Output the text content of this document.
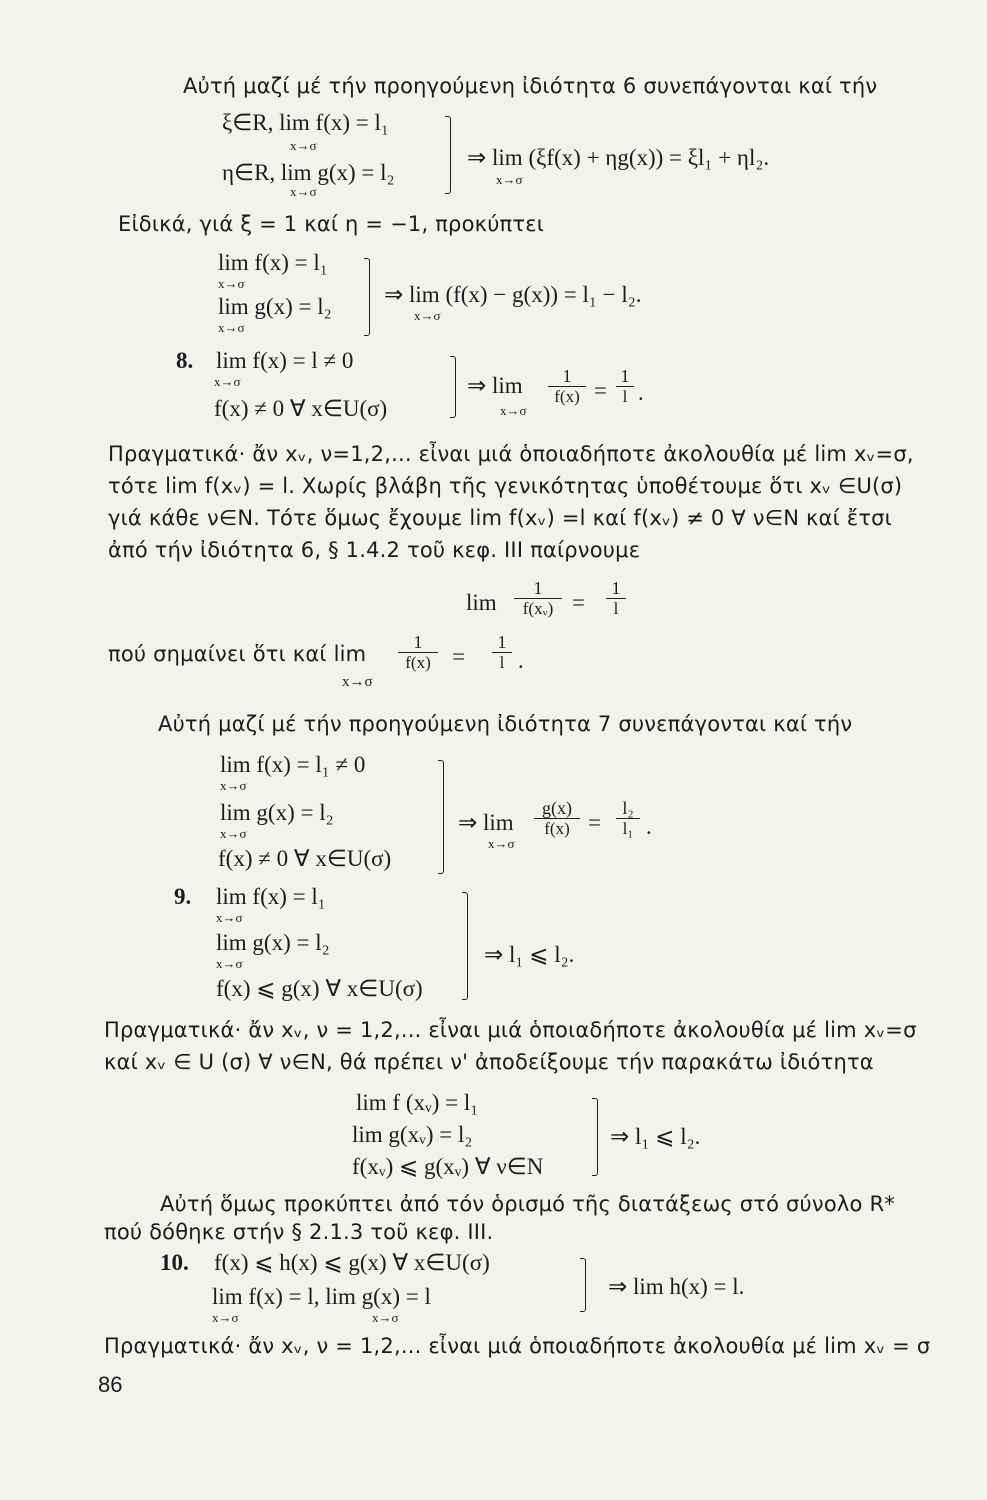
Αὐτή μαζί μέ τήν προηγούμενη ἰδιότητα 6 συνεπάγονται καί τήν
ξ∈R, lim f(x) = l₁
x→σ
η∈R, lim g(x) = l₂
x→σ
⇒ lim (ξf(x) + ηg(x)) = ξl₁ + ηl₂.
x→σ
Εἰδικά, γιά ξ = 1 καί η = −1, προκύπτει
lim f(x) = l₁
x→σ
lim g(x) = l₂
x→σ
⇒ lim (f(x) − g(x)) = l₁ − l₂.
x→σ
8. lim f(x) = l ≠ 0
x→σ
f(x) ≠ 0 ∀ x∈U(σ)
⇒ lim
x→σ
$\frac{1}{f(x)} = \frac{1}{l}$ .
Πραγματικά· ἄν xᵥ, ν=1,2,... εἶναι μιά ὁποιαδήποτε ἀκολουθία μέ lim xᵥ=σ,
τότε lim f(xᵥ) = l. Χωρίς βλάβη τῆς γενικότητας ὑποθέτουμε ὅτι xᵥ ∈U(σ)
γιά κάθε ν∈N. Τότε ὅμως ἔχουμε lim f(xᵥ) =l καί f(xᵥ) ≠ 0 ∀ ν∈N καί ἔτσι
ἀπό τήν ἰδιότητα 6, § 1.4.2 τοῦ κεφ. III παίρνουμε
$\lim \frac{1}{\text{f(xᵥ)}} = \frac{1}{l}$
πού σημαίνει ὅτι καί lim
x→σ
$\frac{1}{f(x)} = \frac{1}{l}$ .
Αὐτή μαζί μέ τήν προηγούμενη ἰδιότητα 7 συνεπάγονται καί τήν
lim f(x) = l₁ ≠ 0
x→σ
lim g(x) = l₂
x→σ
f(x) ≠ 0 ∀ x∈U(σ)
⇒ lim
x→σ
$\frac{g(x)}{f(x)} = \frac{\text{l₂}}{\text{l₁}}$ .
9. lim f(x) = l₁
x→σ
lim g(x) = l₂
x→σ
f(x) ⩽ g(x) ∀ x∈U(σ)
⇒ l₁ ⩽ l₂.
Πραγματικά· ἄν xᵥ, ν = 1,2,... εἶναι μιά ὁποιαδήποτε ἀκολουθία μέ lim xᵥ=σ
καί xᵥ ∈ U (σ) ∀ ν∈N, θά πρέπει ν' ἀποδείξουμε τήν παρακάτω ἰδιότητα
lim f (xᵥ) = l₁
lim g(xᵥ) = l₂
f(xᵥ) ⩽ g(xᵥ) ∀ ν∈N
⇒ l₁ ⩽ l₂.
Αὐτή ὅμως προκύπτει ἀπό τόν ὁρισμό τῆς διατάξεως στό σύνολο R*
πού δόθηκε στήν § 2.1.3 τοῦ κεφ. III.
10. f(x) ⩽ h(x) ⩽ g(x) ∀ x∈U(σ)
lim f(x) = l, lim g(x) = l
x→σ	x→σ
⇒ lim h(x) = l.
Πραγματικά· ἄν xᵥ, ν = 1,2,... εἶναι μιά ὁποιαδήποτε ἀκολουθία μέ lim xᵥ = σ
86
